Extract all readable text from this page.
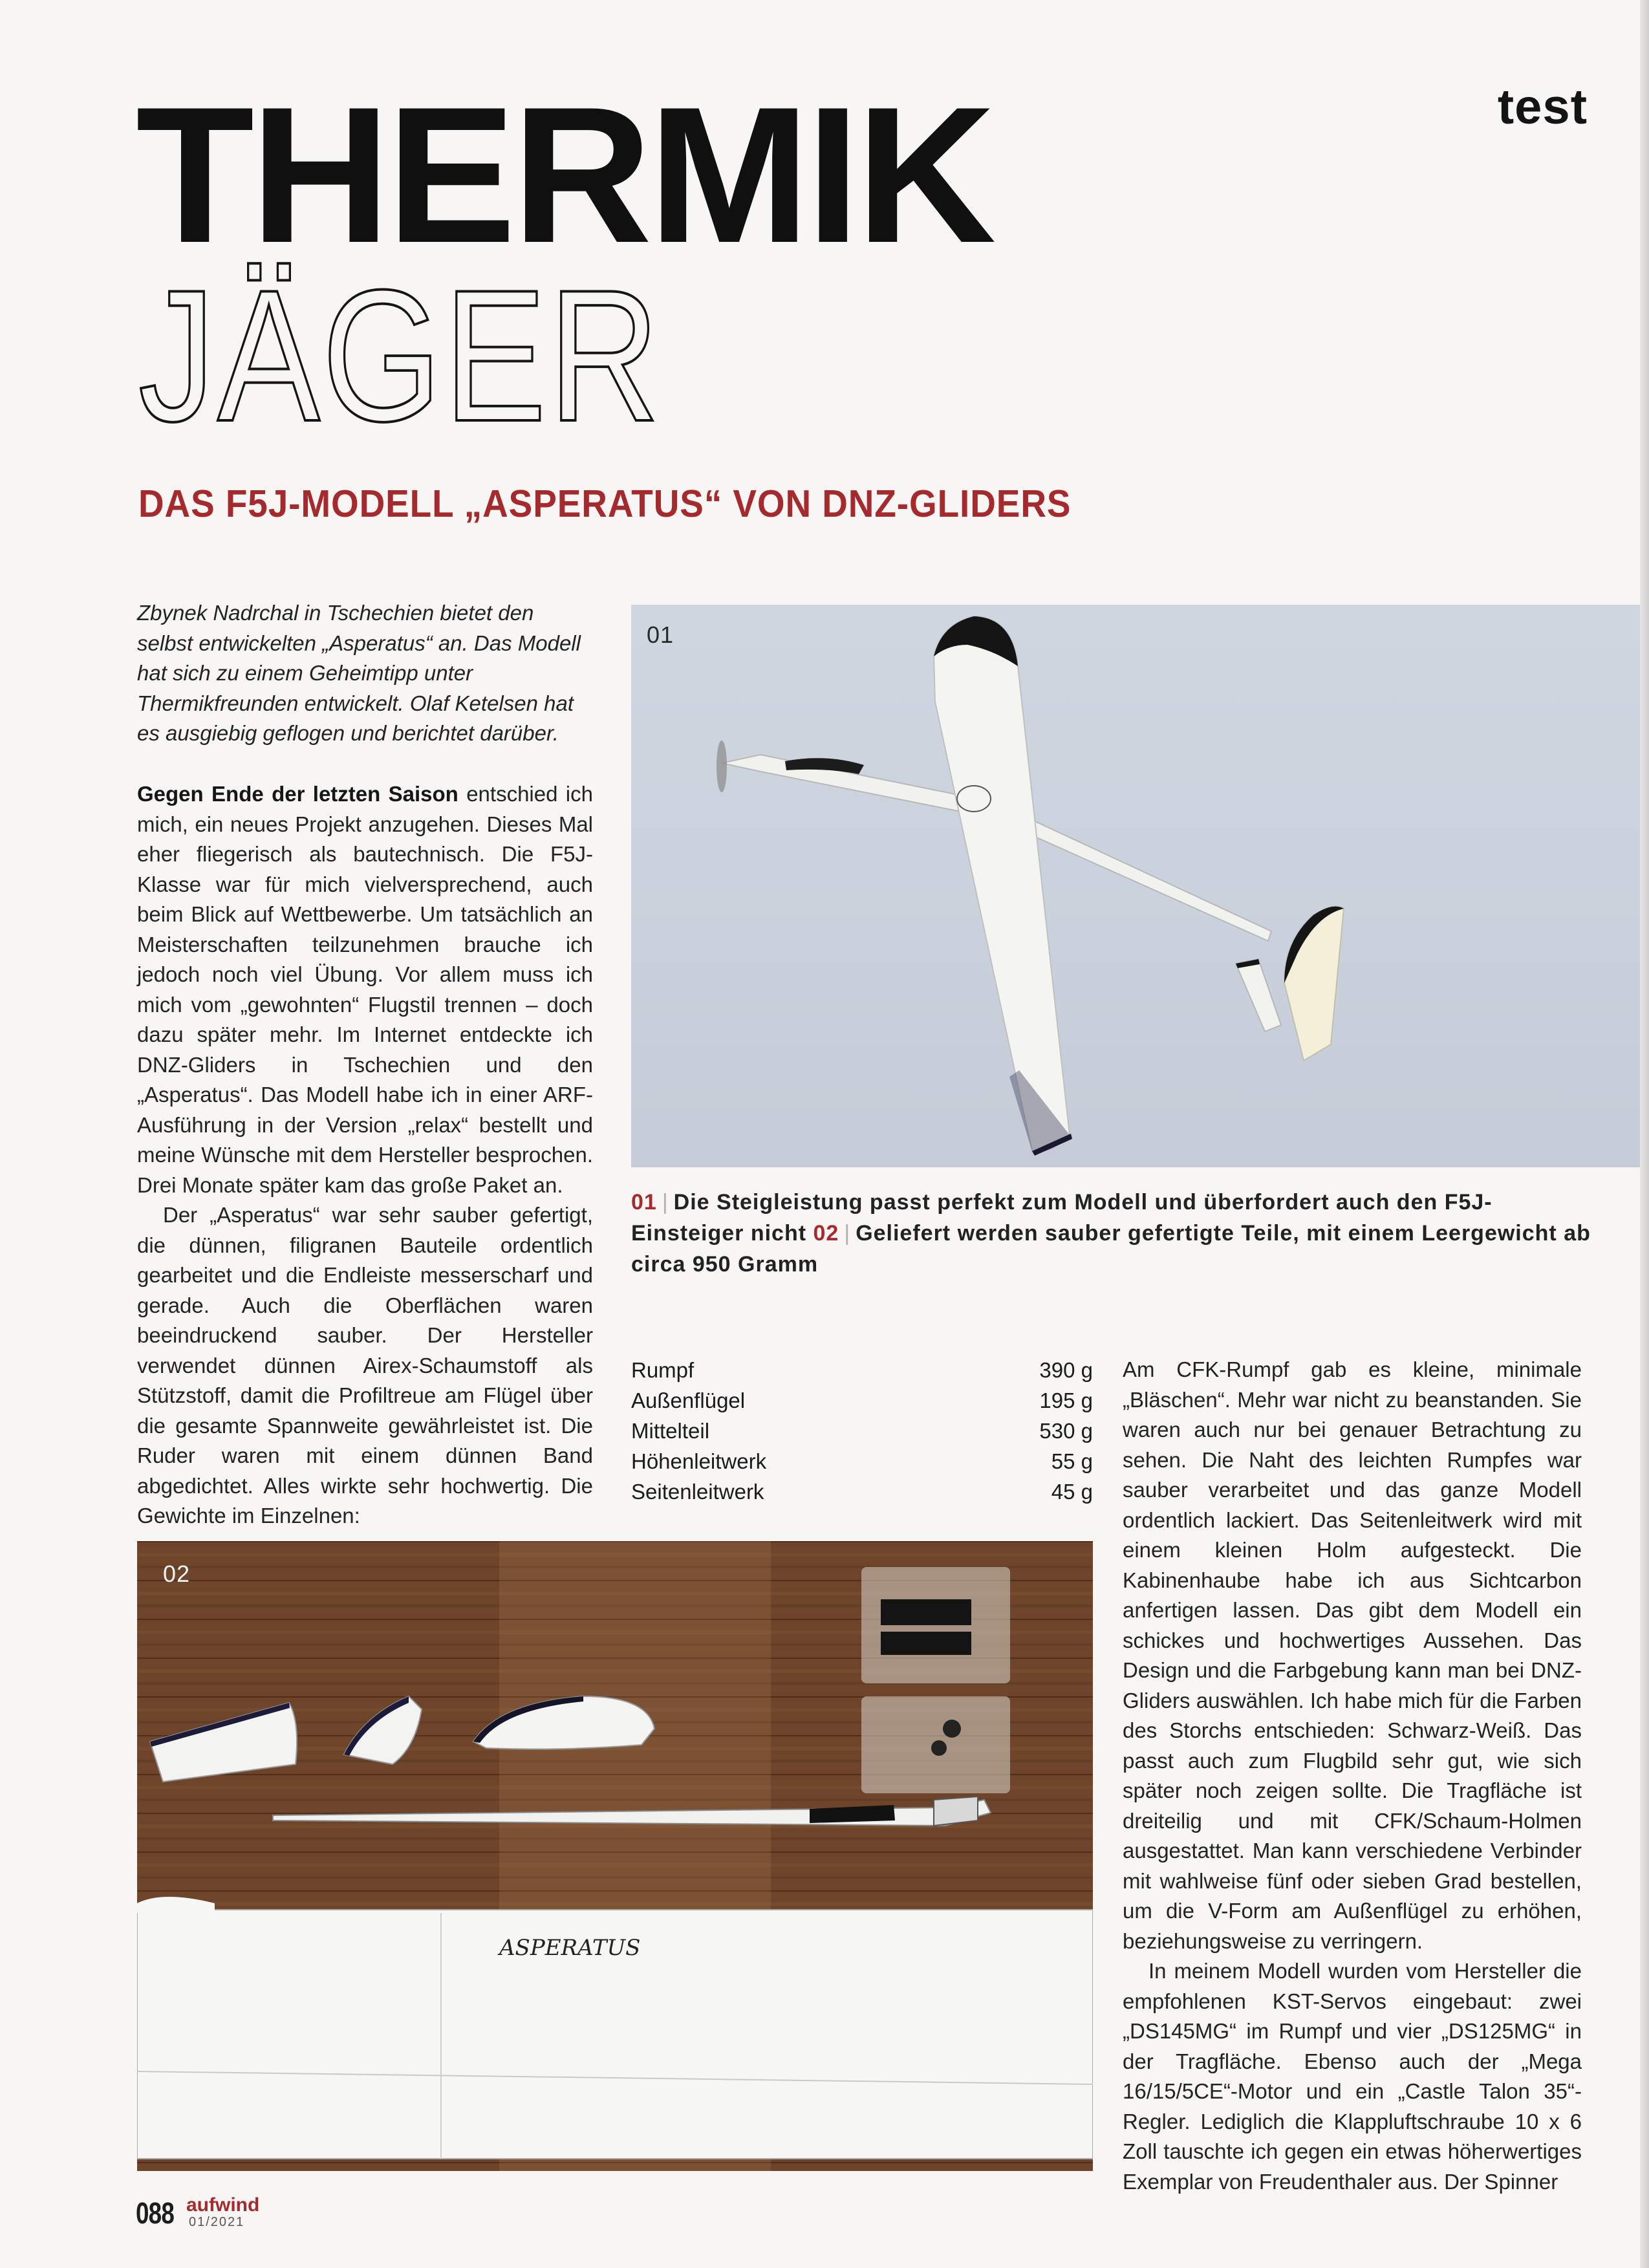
test
THERMIK
JÄGER
DAS F5J-MODELL „ASPERATUS“ VON DNZ-GLIDERS
Zbynek Nadrchal in Tschechien bietet den selbst entwickelten „Asperatus“ an. Das Modell hat sich zu einem Geheimtipp unter Thermikfreunden entwickelt. Olaf Ketelsen hat es ausgiebig geflogen und berichtet darüber.

Gegen Ende der letzten Saison entschied ich mich, ein neues Projekt anzugehen. Dieses Mal eher fliegerisch als bautechnisch. Die F5J-Klasse war für mich vielversprechend, auch beim Blick auf Wettbewerbe. Um tatsächlich an Meisterschaften teilzunehmen brauche ich jedoch noch viel Übung. Vor allem muss ich mich vom „gewohnten“ Flugstil trennen – doch dazu später mehr. Im Internet entdeckte ich DNZ-Gliders in Tschechien und den „Asperatus“. Das Modell habe ich in einer ARF-Ausführung in der Version „relax“ bestellt und meine Wünsche mit dem Hersteller besprochen. Drei Monate später kam das große Paket an.

Der „Asperatus“ war sehr sauber gefertigt, die dünnen, filigranen Bauteile ordentlich gearbeitet und die Endleiste messerscharf und gerade. Auch die Oberflächen waren beeindruckend sauber. Der Hersteller verwendet dünnen Airex-Schaumstoff als Stützstoff, damit die Profiltreue am Flügel über die gesamte Spannweite gewährleistet ist. Die Ruder waren mit einem dünnen Band abgedichtet. Alles wirkte sehr hochwertig. Die Gewichte im Einzelnen:

01
01 | Die Steigleistung passt perfekt zum Modell und überfordert auch den F5J-Einsteiger nicht 02 | Geliefert werden sauber gefertigte Teile, mit einem Leergewicht ab circa 950 Gramm
Rumpf	390 g
Außenflügel	195 g
Mittelteil	530 g
Höhenleitwerk	55 g
Seitenleitwerk	45 g

Am CFK-Rumpf gab es kleine, minimale „Bläschen“. Mehr war nicht zu beanstanden. Sie waren auch nur bei genauer Betrachtung zu sehen. Die Naht des leichten Rumpfes war sauber verarbeitet und das ganze Modell ordentlich lackiert. Das Seitenleitwerk wird mit einem kleinen Holm aufgesteckt. Die Kabinenhaube habe ich aus Sichtcarbon anfertigen lassen. Das gibt dem Modell ein schickes und hochwertiges Aussehen. Das Design und die Farbgebung kann man bei DNZ-Gliders auswählen. Ich habe mich für die Farben des Storchs entschieden: Schwarz-Weiß. Das passt auch zum Flugbild sehr gut, wie sich später noch zeigen sollte. Die Tragfläche ist dreiteilig und mit CFK/Schaum-Holmen ausgestattet. Man kann verschiedene Verbinder mit wahlweise fünf oder sieben Grad bestellen, um die V-Form am Außenflügel zu erhöhen, beziehungsweise zu verringern.

In meinem Modell wurden vom Hersteller die empfohlenen KST-Servos eingebaut: zwei „DS145MG“ im Rumpf und vier „DS125MG“ in der Tragfläche. Ebenso auch der „Mega 16/15/5CE“-Motor und ein „Castle Talon 35“-Regler. Lediglich die Klappluftschraube 10 x 6 Zoll tauschte ich gegen ein etwas höherwertiges Exemplar von Freudenthaler aus. Der Spinner

ASPERATUS
02
088 aufwind
01/2021
